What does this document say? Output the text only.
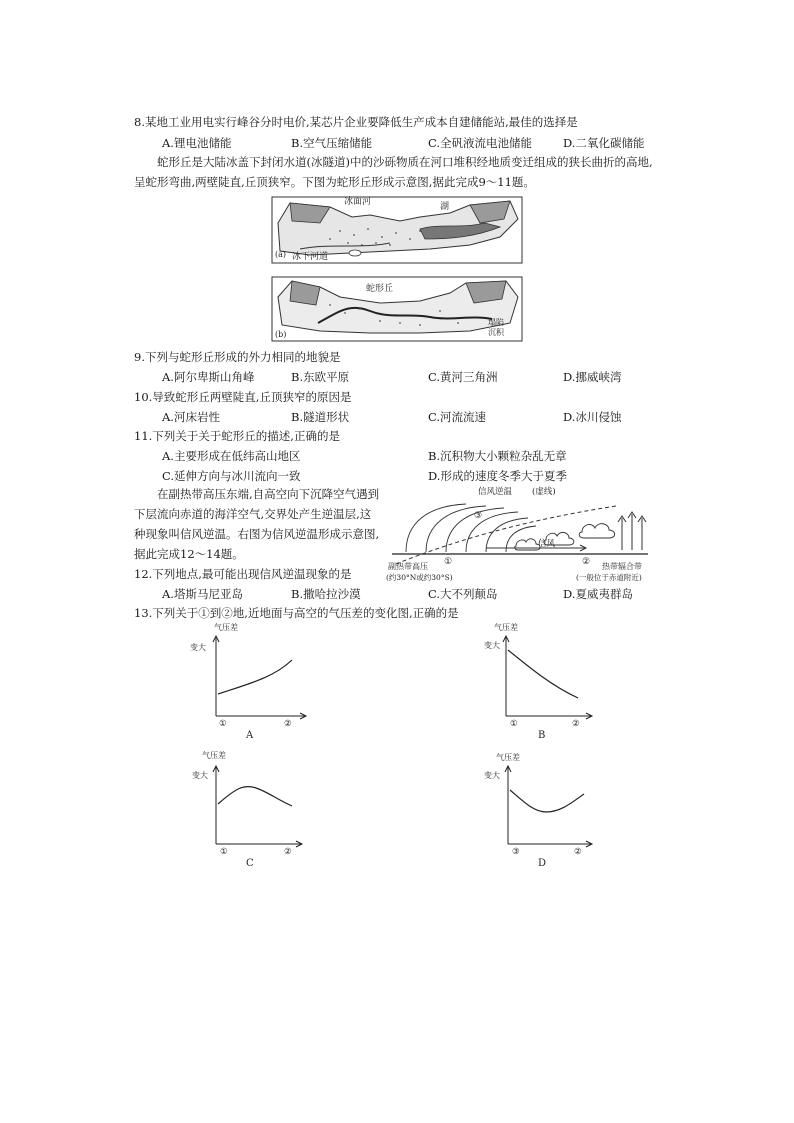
8.某地工业用电实行峰谷分时电价,某芯片企业要降低生产成本自建储能站,最佳的选择是
A.锂电池储能	B.空气压缩储能	C.全矾液流电池储能	D.二氧化碳储能
蛇形丘是大陆冰盖下封闭水道(冰隧道)中的沙砾物质在河口堆积经地质变迁组成的狭长曲折的高地,呈蛇形弯曲,两壁陡直,丘顶狭窄。下图为蛇形丘形成示意图,据此完成9～11题。
冰面河	湖
冰下河道
(a)
蛇形丘
塌陷
沉积
(b)
9.下列与蛇形丘形成的外力相同的地貌是
A.阿尔卑斯山角峰	B.东欧平原	C.黄河三角洲	D.挪威峡湾
10.导致蛇形丘两壁陡直,丘顶狭窄的原因是
A.河床岩性	B.隧道形状	C.河流流速	D.冰川侵蚀
11.下列关于关于蛇形丘的描述,正确的是
A.主要形成在低纬高山地区	B.沉积物大小颗粒杂乱无章
C.延伸方向与冰川流向一致	D.形成的速度冬季大于夏季
在副热带高压东端,自高空向下沉降空气遇到下层流向赤道的海洋空气,交界处产生逆温层,这种现象叫信风逆温。右图为信风逆温形成示意图,据此完成12～14题。
信风逆温 (虚线)
③
信风
①	②
副热带高压
(约30°N或约30°S)
热带辐合带
(一般位于赤道附近)
12.下列地点,最可能出现信风逆温现象的是
A.塔斯马尼亚岛	B.撒哈拉沙漠	C.大不列颠岛	D.夏威夷群岛
13.下列关于①到②地,近地面与高空的气压差的变化图,正确的是
气压差
变大
①	②
A
气压差
变大
①	②
B
气压差
变大
①	②
C
气压差
变大
③	②
D
